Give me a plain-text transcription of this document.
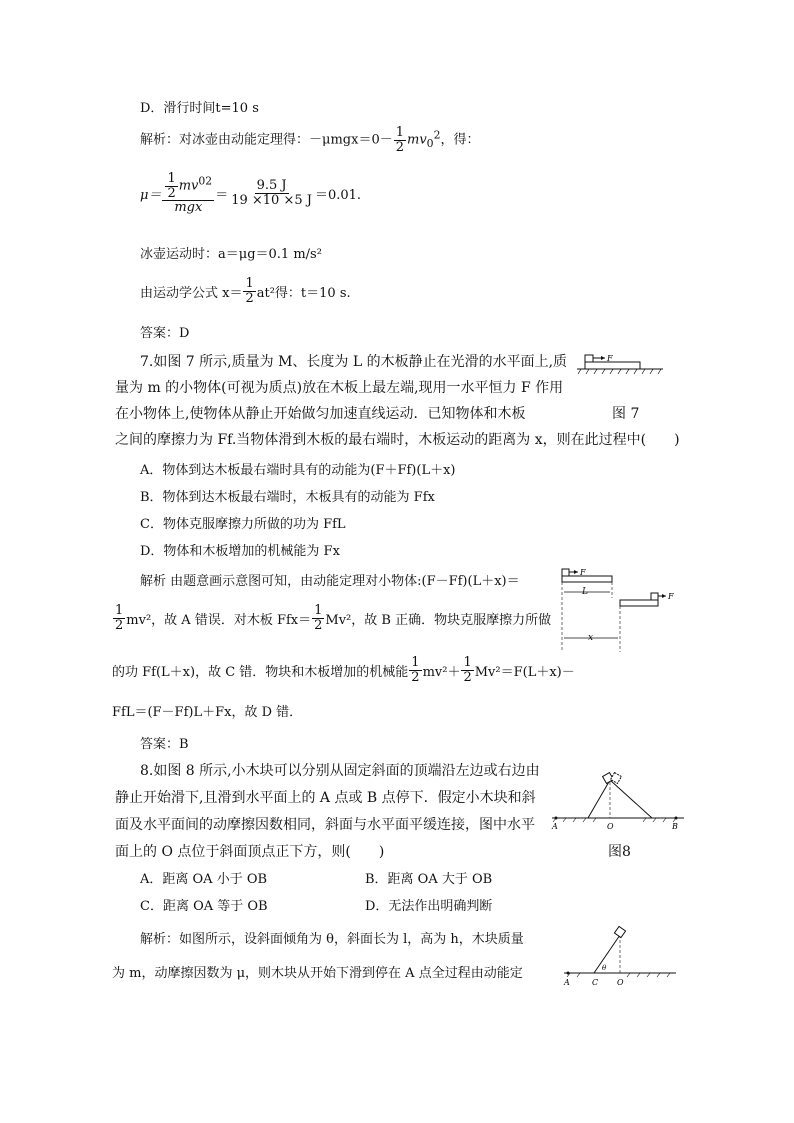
D．滑行时间t=10 s
解析：对冰壶由动能定理得：$-\mu mgx=0- \frac{1}{2} mv_0^2$，得：
$\mu= \frac{\frac{1}{2} mv^{02}}{\text{mgx}} = \frac{9.5 J}{19 \times 10 \times 5 J} =0.01$.
冰壶运动时：a＝μg＝0.1 m/s²
由运动学公式 $x= \frac{1}{2} at^2$得：t＝10 s.
答案：D
7.如图 7 所示,质量为 M、长度为 L 的木板静止在光滑的水平面上,质
量为 m 的小物体(可视为质点)放在木板上最左端,现用一水平恒力 F 作用
在小物体上,使物体从静止开始做匀加速直线运动．已知物体和木板	图 7
之间的摩擦力为 Ff.当物体滑到木板的最右端时，木板运动的距离为 x，则在此过程中(　　)
F
A．物体到达木板最右端时具有的动能为(F＋Ff)(L＋x)
B．物体到达木板最右端时，木板具有的动能为 Ffx
C．物体克服摩擦力所做的功为 FfL
D．物体和木板增加的机械能为 Fx
解析 由题意画示意图可知，由动能定理对小物体:(F－Ff)(L＋x)＝
$\frac{1}{2} mv^2$，故 A 错误．对木板 $Ffx= \frac{1}{2} Mv^2$，故 B 正确．物块克服摩擦力所做
的功 Ff(L＋x)，故 C 错．物块和木板增加的机械能 $\frac{1}{2} mv^2+ \frac{1}{2} Mv^2=F(L+x)-$
FfL＝(F－Ff)L＋Fx，故 D 错．
F
L	F
x
答案：B
8.如图 8 所示,小木块可以分别从固定斜面的顶端沿左边或右边由
静止开始滑下,且滑到水平面上的 A 点或 B 点停下．假定小木块和斜
面及水平面间的动摩擦因数相同，斜面与水平面平缓连接，图中水平
面上的 O 点位于斜面顶点正下方，则(　　)	图8
A	O	B
A．距离 OA 小于 OB	B．距离 OA 大于 OB
C．距离 OA 等于 OB	D．无法作出明确判断
解析：如图所示，设斜面倾角为 θ，斜面长为 l，高为 h，木块质量
为 m，动摩擦因数为 μ，则木块从开始下滑到停在 A 点全过程由动能定
A	C O
θ
